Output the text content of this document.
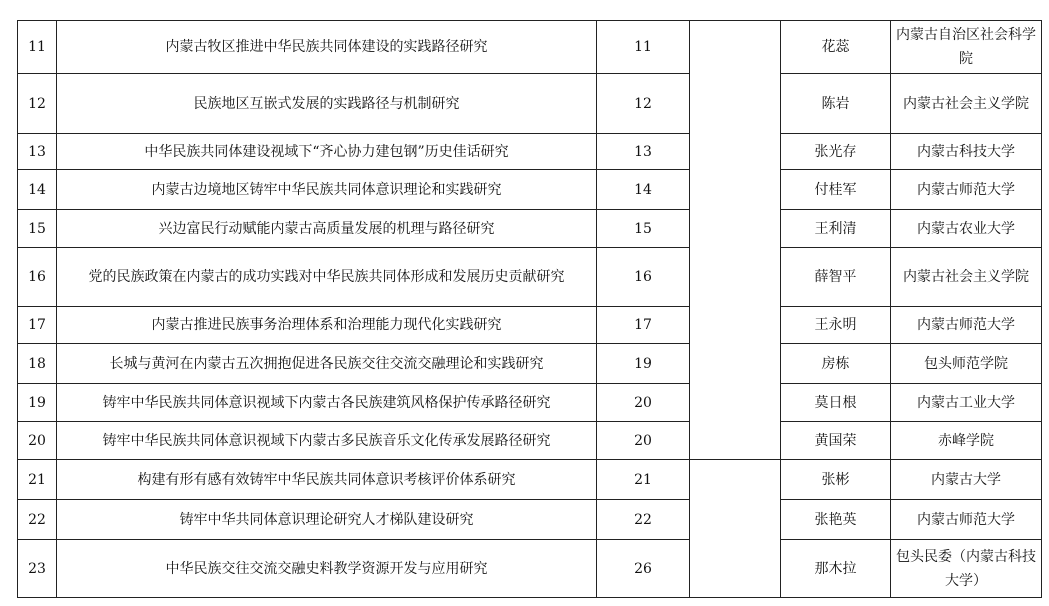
11	内蒙古牧区推进中华民族共同体建设的实践路径研究	11		花蕊	内蒙古自治区社会科学院
12	民族地区互嵌式发展的实践路径与机制研究	12		陈岩	内蒙古社会主义学院
13	中华民族共同体建设视域下“齐心协力建包钢”历史佳话研究	13		张光存	内蒙古科技大学
14	内蒙古边境地区铸牢中华民族共同体意识理论和实践研究	14		付桂军	内蒙古师范大学
15	兴边富民行动赋能内蒙古高质量发展的机理与路径研究	15		王利清	内蒙古农业大学
16	党的民族政策在内蒙古的成功实践对中华民族共同体形成和发展历史贡献研究	16		薛智平	内蒙古社会主义学院
17	内蒙古推进民族事务治理体系和治理能力现代化实践研究	17		王永明	内蒙古师范大学
18	长城与黄河在内蒙古五次拥抱促进各民族交往交流交融理论和实践研究	19		房栋	包头师范学院
19	铸牢中华民族共同体意识视域下内蒙古各民族建筑风格保护传承路径研究	20		莫日根	内蒙古工业大学
20	铸牢中华民族共同体意识视域下内蒙古多民族音乐文化传承发展路径研究	20		黄国荣	赤峰学院
21	构建有形有感有效铸牢中华民族共同体意识考核评价体系研究	21		张彬	内蒙古大学
22	铸牢中华共同体意识理论研究人才梯队建设研究	22		张艳英	内蒙古师范大学
23	中华民族交往交流交融史料教学资源开发与应用研究	26		那木拉	包头民委（内蒙古科技大学）
